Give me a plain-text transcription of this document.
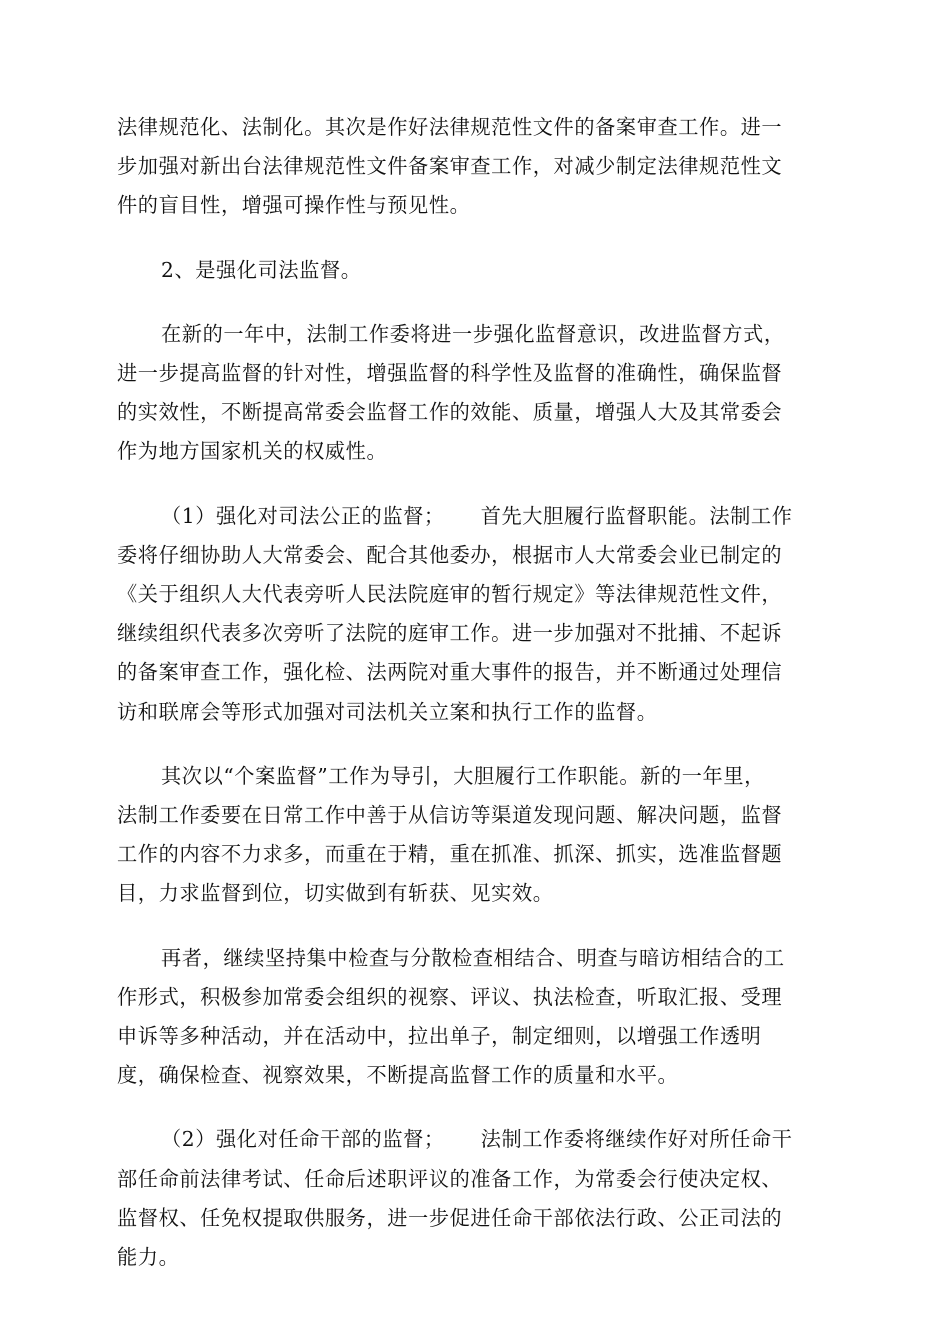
法律规范化、法制化。其次是作好法律规范性文件的备案审查工作。进一
步加强对新出台法律规范性文件备案审查工作，对减少制定法律规范性文
件的盲目性，增强可操作性与预见性。

2、是强化司法监督。

在新的一年中，法制工作委将进一步强化监督意识，改进监督方式，
进一步提高监督的针对性，增强监督的科学性及监督的准确性，确保监督
的实效性，不断提高常委会监督工作的效能、质量，增强人大及其常委会
作为地方国家机关的权威性。

（1）强化对司法公正的监督； 首先大胆履行监督职能。法制工作
委将仔细协助人大常委会、配合其他委办，根据市人大常委会业已制定的
《关于组织人大代表旁听人民法院庭审的暂行规定》等法律规范性文件，
继续组织代表多次旁听了法院的庭审工作。进一步加强对不批捕、不起诉
的备案审查工作，强化检、法两院对重大事件的报告，并不断通过处理信
访和联席会等形式加强对司法机关立案和执行工作的监督。

其次以“个案监督”工作为导引，大胆履行工作职能。新的一年里，
法制工作委要在日常工作中善于从信访等渠道发现问题、解决问题，监督
工作的内容不力求多，而重在于精，重在抓准、抓深、抓实，选准监督题
目，力求监督到位，切实做到有斩获、见实效。

再者，继续坚持集中检查与分散检查相结合、明查与暗访相结合的工
作形式，积极参加常委会组织的视察、评议、执法检查，听取汇报、受理
申诉等多种活动，并在活动中，拉出单子，制定细则，以增强工作透明
度，确保检查、视察效果，不断提高监督工作的质量和水平。

（2）强化对任命干部的监督； 法制工作委将继续作好对所任命干
部任命前法律考试、任命后述职评议的准备工作，为常委会行使决定权、
监督权、任免权提取供服务，进一步促进任命干部依法行政、公正司法的
能力。
